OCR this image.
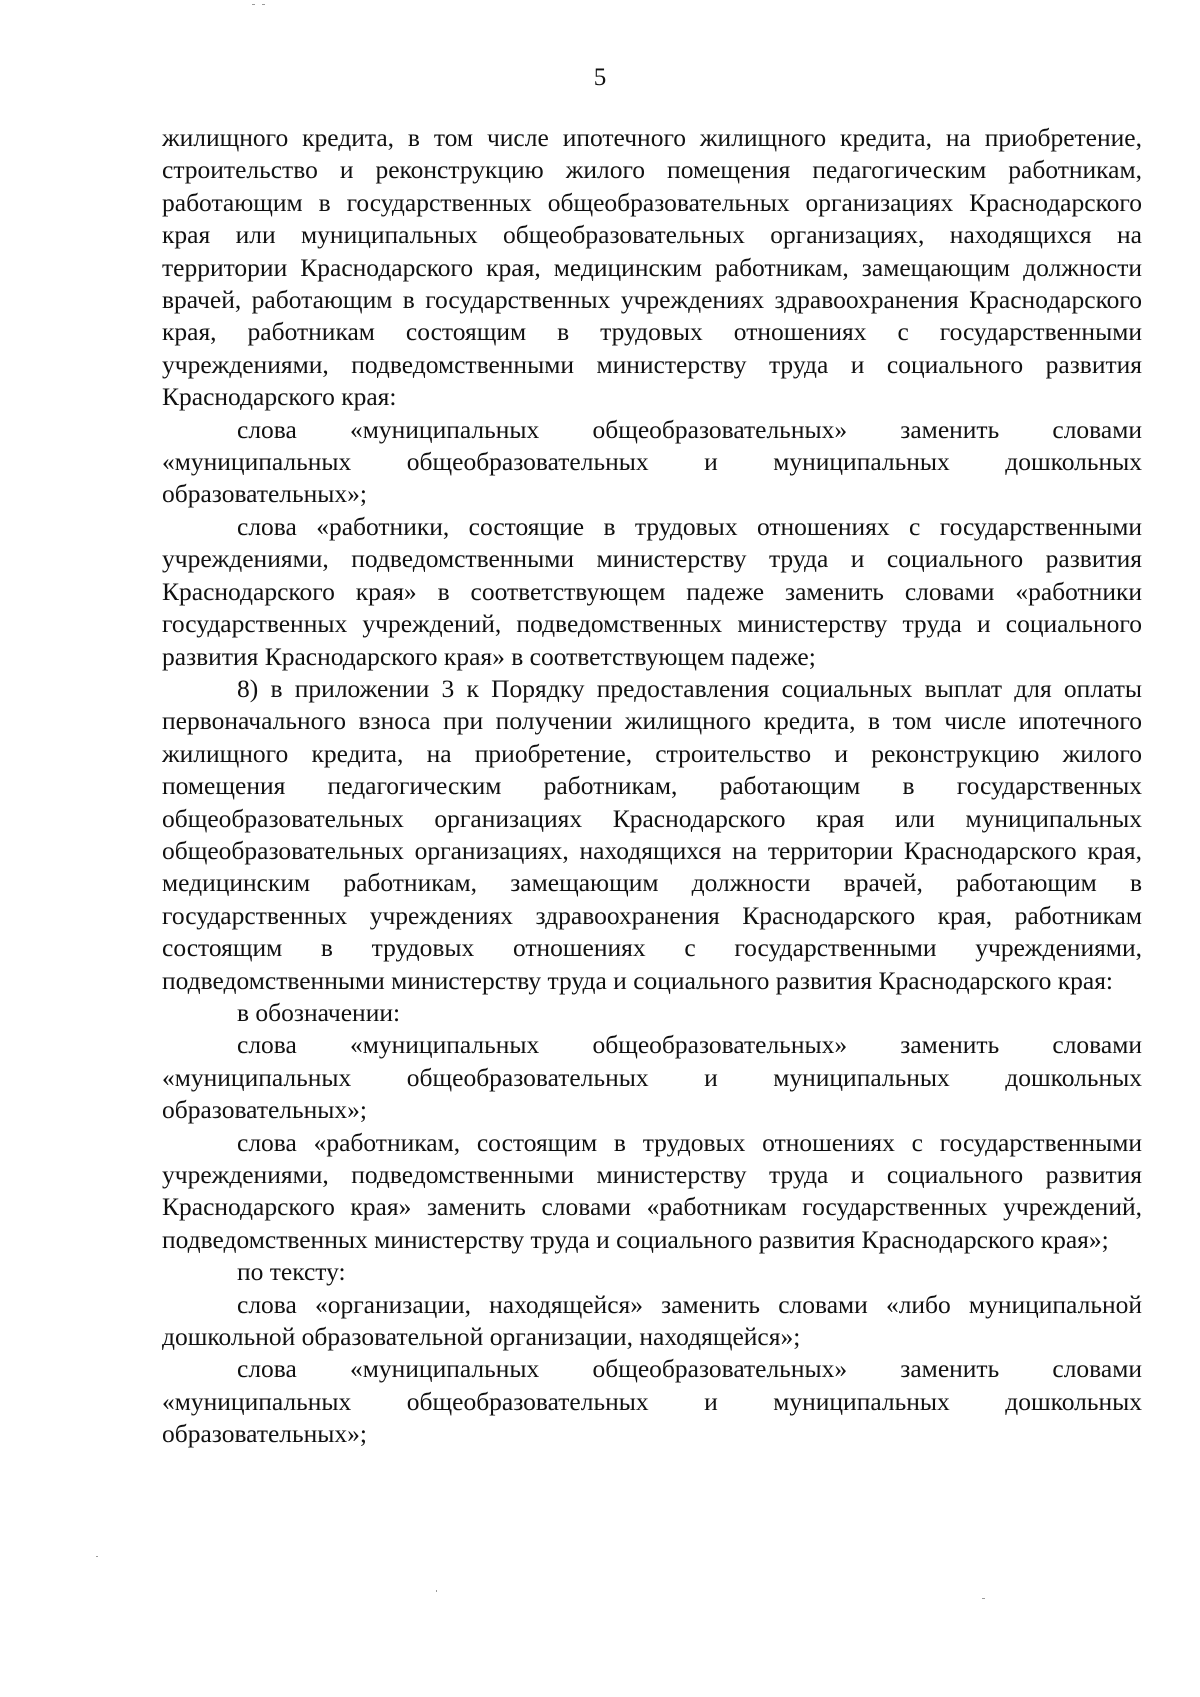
5

жилищного кредита, в том числе ипотечного жилищного кредита, на приобретение, строительство и реконструкцию жилого помещения педагогическим работникам, работающим в государственных общеобразовательных организациях Краснодарского края или муниципальных общеобразовательных организациях, находящихся на территории Краснодарского края, медицинским работникам, замещающим должности врачей, работающим в государственных учреждениях здравоохранения Краснодарского края, работникам состоящим в трудовых отношениях с государственными учреждениями, подведомственными министерству труда и социального развития Краснодарского края:

слова «муниципальных общеобразовательных» заменить словами «муниципальных общеобразовательных и муниципальных дошкольных образовательных»;

слова «работники, состоящие в трудовых отношениях с государственными учреждениями, подведомственными министерству труда и социального развития Краснодарского края» в соответствующем падеже заменить словами «работники государственных учреждений, подведомственных министерству труда и социального развития Краснодарского края» в соответствующем падеже;

8) в приложении 3 к Порядку предоставления социальных выплат для оплаты первоначального взноса при получении жилищного кредита, в том числе ипотечного жилищного кредита, на приобретение, строительство и реконструкцию жилого помещения педагогическим работникам, работающим в государственных общеобразовательных организациях Краснодарского края или муниципальных общеобразовательных организациях, находящихся на территории Краснодарского края, медицинским работникам, замещающим должности врачей, работающим в государственных учреждениях здравоохранения Краснодарского края, работникам состоящим в трудовых отношениях с государственными учреждениями, подведомственными министерству труда и социального развития Краснодарского края:

в обозначении:

слова «муниципальных общеобразовательных» заменить словами «муниципальных общеобразовательных и муниципальных дошкольных образовательных»;

слова «работникам, состоящим в трудовых отношениях с государственными учреждениями, подведомственными министерству труда и социального развития Краснодарского края» заменить словами «работникам государственных учреждений, подведомственных министерству труда и социального развития Краснодарского края»;

по тексту:

слова «организации, находящейся» заменить словами «либо муниципальной дошкольной образовательной организации, находящейся»;

слова «муниципальных общеобразовательных» заменить словами «муниципальных общеобразовательных и муниципальных дошкольных образовательных»;
